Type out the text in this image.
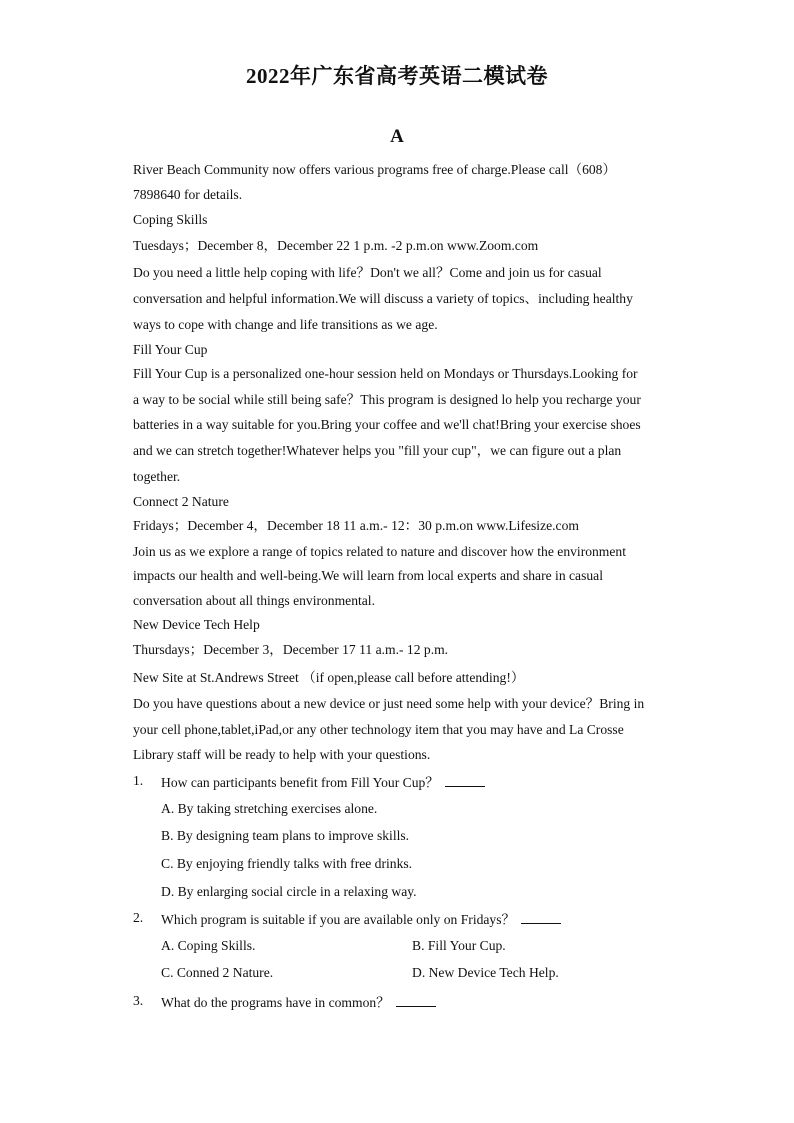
2022年广东省高考英语二模试卷
A
River Beach Community now offers various programs free of charge.Please call（608）
7898640 for details.
Coping Skills
Tuesdays；December 8，December 22 1 p.m. -2 p.m.on www.Zoom.com
Do you need a little help coping with life？Don't we all？Come and join us for casual
conversation and helpful information.We will discuss a variety of topics、including healthy
ways to cope with change and life transitions as we age.
Fill Your Cup
Fill Your Cup is a personalized one-hour session held on Mondays or Thursdays.Looking for
a way to be social while still being safe？This program is designed lo help you recharge your
batteries in a way suitable for you.Bring your coffee and we'll chat!Bring your exercise shoes
and we can stretch together!Whatever helps you "fill your cup"，we can figure out a plan
together.
Connect 2 Nature
Fridays；December 4，December 18 11 a.m.- 12：30 p.m.on www.Lifesize.com
Join us as we explore a range of topics related to nature and discover how the environment
impacts our health and well-being.We will learn from local experts and share in casual
conversation about all things environmental.
New Device Tech Help
Thursdays；December 3，December 17 11 a.m.- 12 p.m.
New Site at St.Andrews Street （if open,please call before attending!）
Do you have questions about a new device or just need some help with your device？Bring in
your cell phone,tablet,iPad,or any other technology item that you may have and La Crosse
Library staff will be ready to help with your questions.
1. How can participants benefit from Fill Your Cup？
A. By taking stretching exercises alone.
B. By designing team plans to improve skills.
C. By enjoying friendly talks with free drinks.
D. By enlarging social circle in a relaxing way.
2. Which program is suitable if you are available only on Fridays？
A. Coping Skills.	B. Fill Your Cup.
C. Conned 2 Nature.	D. New Device Tech Help.
3. What do the programs have in common？
